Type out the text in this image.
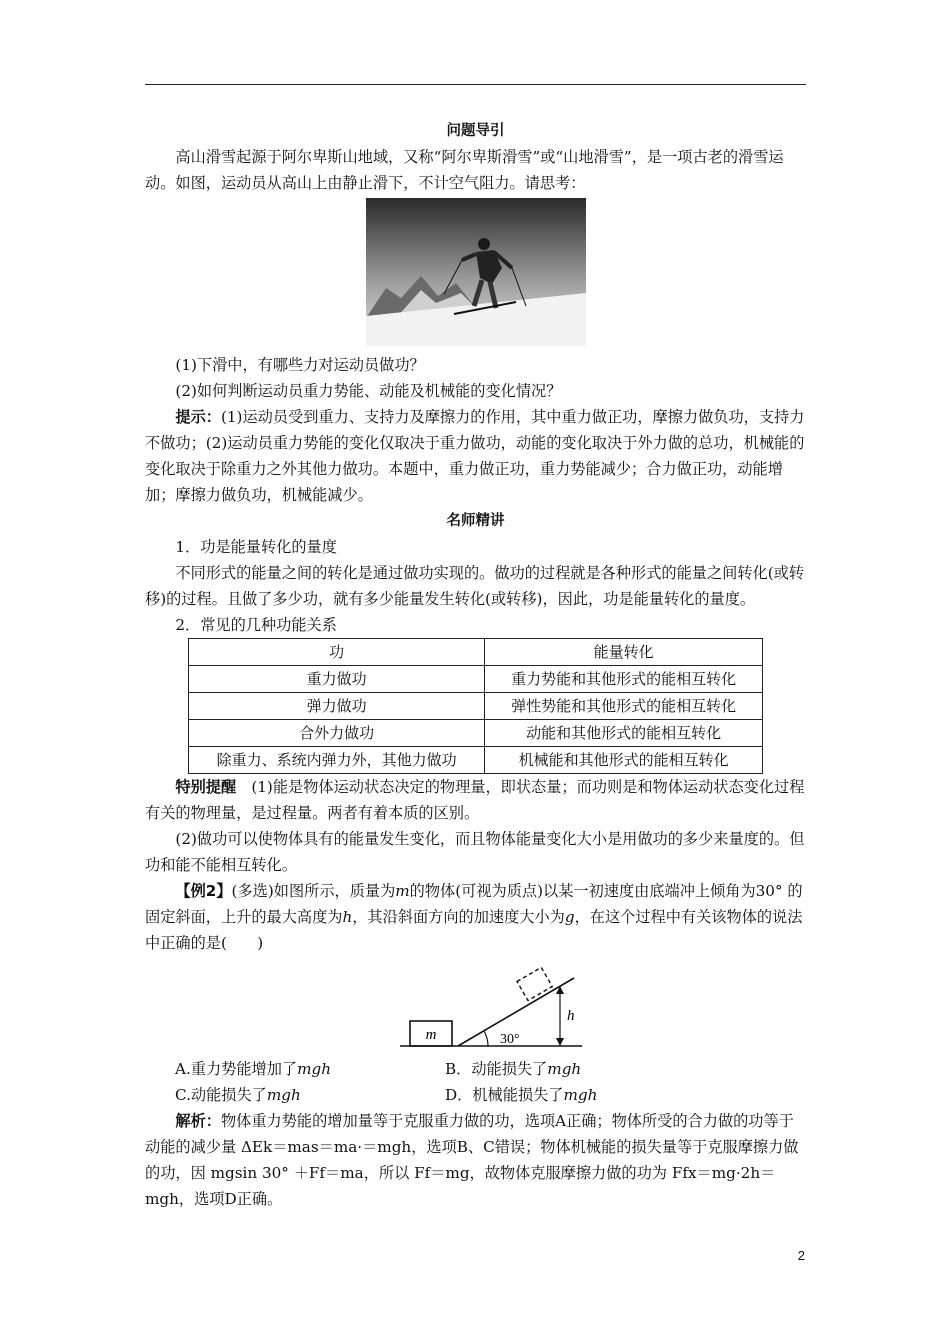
问题导引

高山滑雪起源于阿尔卑斯山地域，又称“阿尔卑斯滑雪”或“山地滑雪”，是一项古老的滑雪运动。如图，运动员从高山上由静止滑下，不计空气阻力。请思考：

(1)下滑中，有哪些力对运动员做功？

(2)如何判断运动员重力势能、动能及机械能的变化情况？

提示：(1)运动员受到重力、支持力及摩擦力的作用，其中重力做正功，摩擦力做负功，支持力不做功；(2)运动员重力势能的变化仅取决于重力做功，动能的变化取决于外力做的总功，机械能的变化取决于除重力之外其他力做功。本题中，重力做正功，重力势能减少；合力做正功，动能增加；摩擦力做负功，机械能减少。

名师精讲

1．功是能量转化的量度

不同形式的能量之间的转化是通过做功实现的。做功的过程就是各种形式的能量之间转化(或转移)的过程。且做了多少功，就有多少能量发生转化(或转移)，因此，功是能量转化的量度。

2．常见的几种功能关系

功	能量转化
重力做功	重力势能和其他形式的能相互转化
弹力做功	弹性势能和其他形式的能相互转化
合外力做功	动能和其他形式的能相互转化
除重力、系统内弹力外，其他力做功	机械能和其他形式的能相互转化

特别提醒　 (1)能是物体运动状态决定的物理量，即状态量；而功则是和物体运动状态变化过程有关的物理量，是过程量。两者有着本质的区别。

(2)做功可以使物体具有的能量发生变化，而且物体能量变化大小是用做功的多少来量度的。但功和能不能相互转化。

【例2】(多选)如图所示，质量为m的物体(可视为质点)以某一初速度由底端冲上倾角为30° 的固定斜面，上升的最大高度为h，其沿斜面方向的加速度大小为g，在这个过程中有关该物体的说法中正确的是(　　)

m	30°
h
A.重力势能增加了mgh	B．动能损失了mgh
C.动能损失了mgh	D．机械能损失了mgh

解析：物体重力势能的增加量等于克服重力做的功，选项A正确；物体所受的合力做的功等于动能的减少量 ΔEk＝mas＝ma·＝mgh，选项B、C错误；物体机械能的损失量等于克服摩擦力做的功，因 mgsin 30° ＋Ff＝ma，所以 Ff＝mg，故物体克服摩擦力做的功为 Ffx＝mg·2h＝mgh，选项D正确。

2
